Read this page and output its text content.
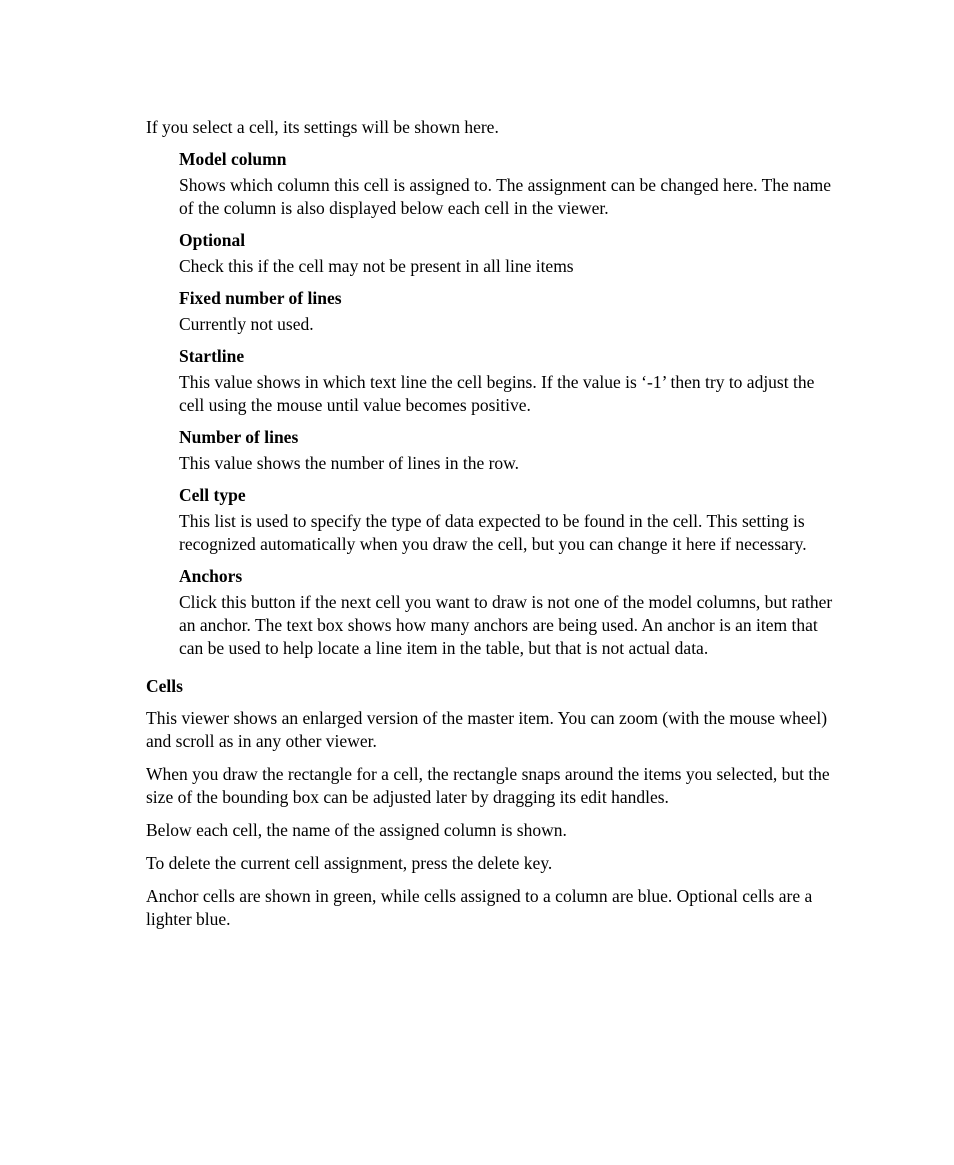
If you select a cell, its settings will be shown here.

Model column

Shows which column this cell is assigned to. The assignment can be changed here. The name of the column is also displayed below each cell in the viewer.

Optional

Check this if the cell may not be present in all line items

Fixed number of lines

Currently not used.

Startline

This value shows in which text line the cell begins. If the value is ‘-1’ then try to adjust the cell using the mouse until value becomes positive.

Number of lines

This value shows the number of lines in the row.

Cell type

This list is used to specify the type of data expected to be found in the cell. This setting is recognized automatically when you draw the cell, but you can change it here if necessary.

Anchors

Click this button if the next cell you want to draw is not one of the model columns, but rather an anchor. The text box shows how many anchors are being used. An anchor is an item that can be used to help locate a line item in the table, but that is not actual data.

Cells

This viewer shows an enlarged version of the master item. You can zoom (with the mouse wheel) and scroll as in any other viewer.

When you draw the rectangle for a cell, the rectangle snaps around the items you selected, but the size of the bounding box can be adjusted later by dragging its edit handles.

Below each cell, the name of the assigned column is shown.

To delete the current cell assignment, press the delete key.

Anchor cells are shown in green, while cells assigned to a column are blue. Optional cells are a lighter blue.
